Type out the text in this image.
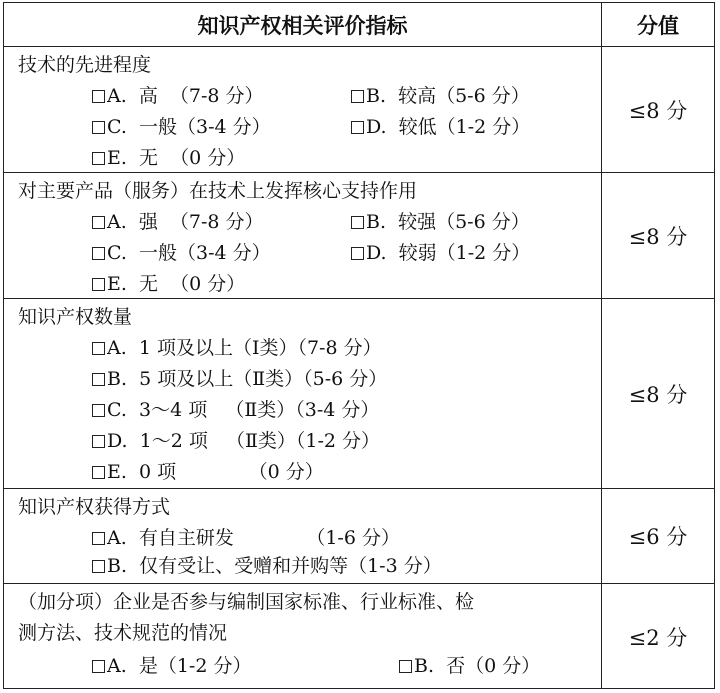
知识产权相关评价指标	分值
技术的先进程度
A.  高  （7-8 分）	B.  较高（5-6 分）
C.  一般（3-4 分）	D.  较低（1-2 分）
E.  无  （0 分）
≤8 分
对主要产品（服务）在技术上发挥核心支持作用
A.  强  （7-8 分）	B.  较强（5-6 分）
C.  一般（3-4 分）	D.  较弱（1-2 分）
E.  无  （0 分）
≤8 分
知识产权数量
A.  1 项及以上（Ⅰ类）（7-8 分）
B.  5 项及以上（Ⅱ类）（5-6 分）
C.  3～4 项   （Ⅱ类）（3-4 分）
D.  1～2 项   （Ⅱ类）（1-2 分）
E.  0 项            （0 分）
≤8 分
知识产权获得方式
A.  有自主研发            （1-6 分）
B.  仅有受让、受赠和并购等（1-3 分）
≤6 分
（加分项）企业是否参与编制国家标准、行业标准、检
测方法、技术规范的情况
A.  是（1-2 分）	B.  否（0 分）
≤2 分
